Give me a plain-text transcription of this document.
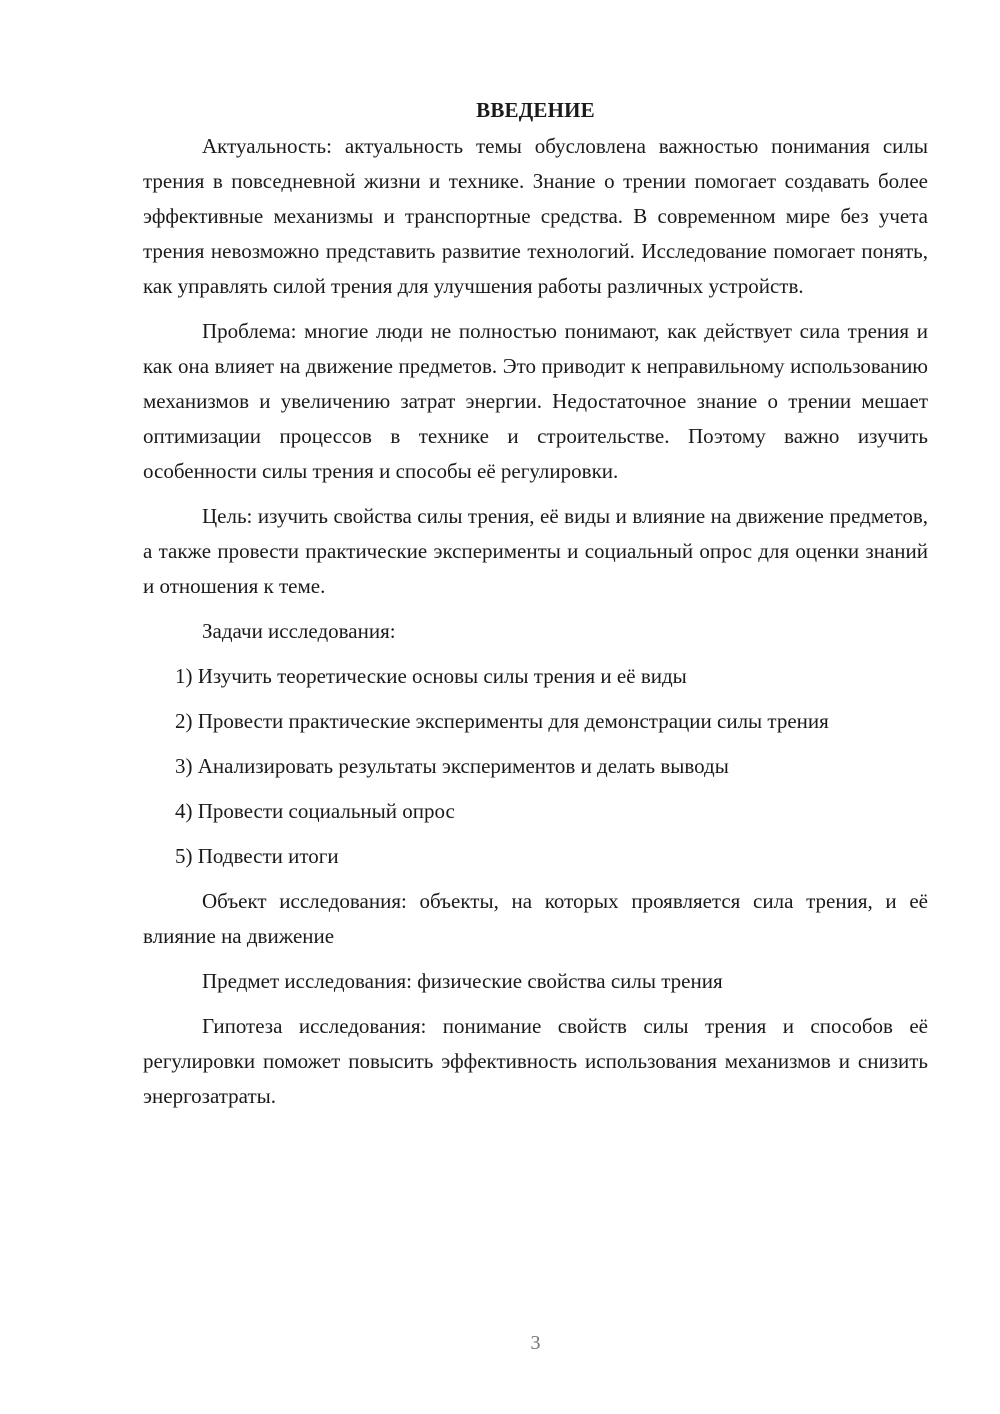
ВВЕДЕНИЕ

Актуальность: актуальность темы обусловлена важностью понимания силы трения в повседневной жизни и технике. Знание о трении помогает создавать более эффективные механизмы и транспортные средства. В современном мире без учета трения невозможно представить развитие технологий. Исследование помогает понять, как управлять силой трения для улучшения работы различных устройств.

Проблема: многие люди не полностью понимают, как действует сила трения и как она влияет на движение предметов. Это приводит к неправильному использованию механизмов и увеличению затрат энергии. Недостаточное знание о трении мешает оптимизации процессов в технике и строительстве. Поэтому важно изучить особенности силы трения и способы её регулировки.

Цель: изучить свойства силы трения, её виды и влияние на движение предметов, а также провести практические эксперименты и социальный опрос для оценки знаний и отношения к теме.

Задачи исследования:

1) Изучить теоретические основы силы трения и её виды

2) Провести практические эксперименты для демонстрации силы трения

3) Анализировать результаты экспериментов и делать выводы

4) Провести социальный опрос

5) Подвести итоги

Объект исследования: объекты, на которых проявляется сила трения, и её влияние на движение

Предмет исследования: физические свойства силы трения

Гипотеза исследования: понимание свойств силы трения и способов её регулировки поможет повысить эффективность использования механизмов и снизить энергозатраты.

3
